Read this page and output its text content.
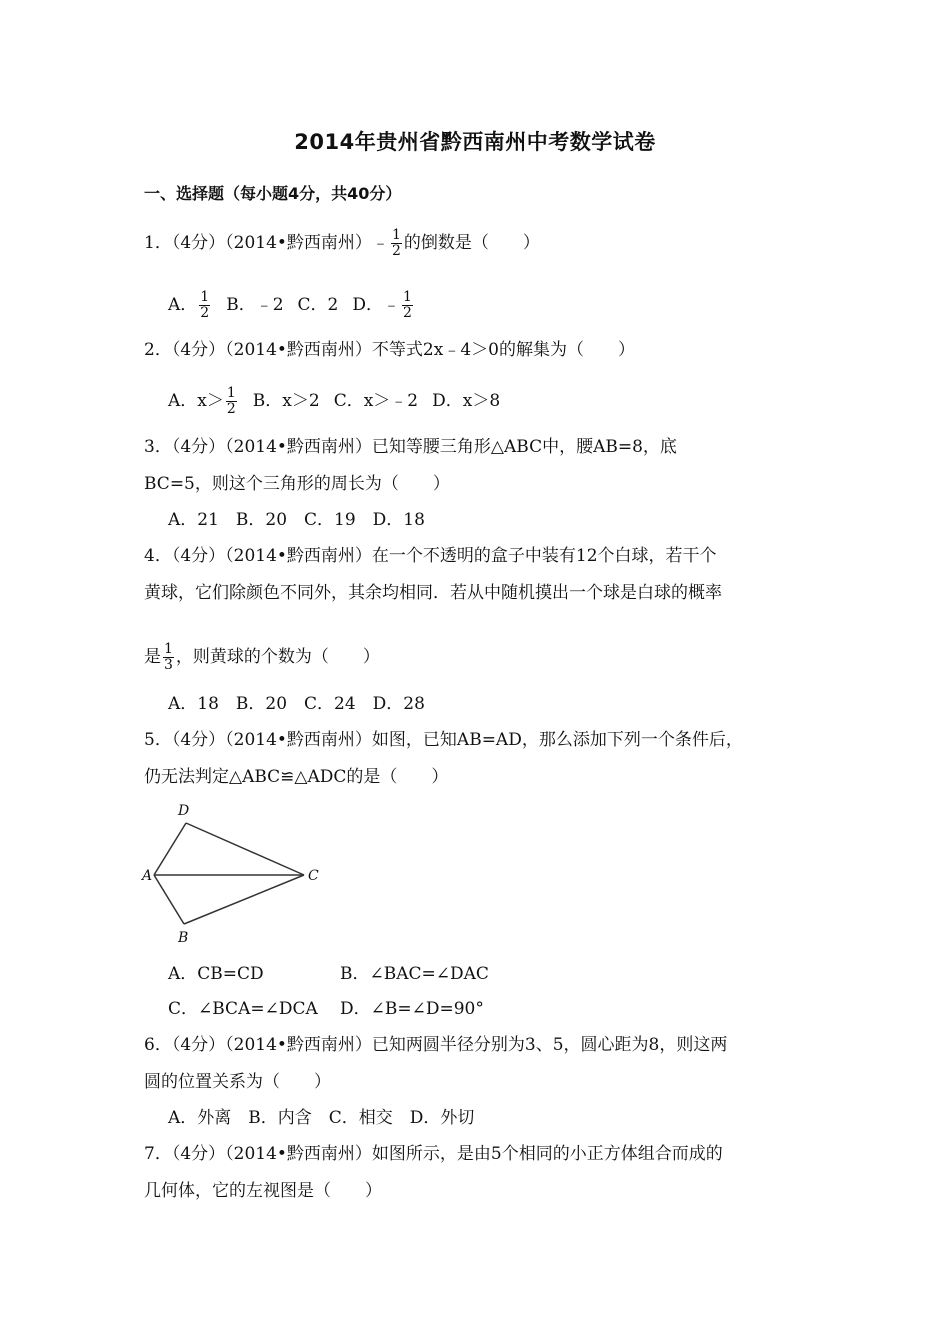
2014年贵州省黔西南州中考数学试卷
一、选择题（每小题4分，共40分）
1．（4分）（2014•黔西南州）﹣ $\frac{1}{2}$ 的倒数是（　　）
A． $\frac{1}{2}$ B．﹣2 C．2 D．﹣ $\frac{1}{2}$
2．（4分）（2014•黔西南州）不等式2x﹣4＞0的解集为（　　）
A．$x> \frac{1}{2}$ B．x＞2 C．x＞﹣2 D．x＞8
3．（4分）（2014•黔西南州）已知等腰三角形△ABC中，腰AB=8，底
BC=5，则这个三角形的周长为（　　）
A．21　B．20　C．19　D．18
4．（4分）（2014•黔西南州）在一个不透明的盒子中装有12个白球，若干个
黄球，它们除颜色不同外，其余均相同．若从中随机摸出一个球是白球的概率
是 $\frac{1}{3}$ ，则黄球的个数为（　　）
A．18　B．20　C．24　D．28
5．（4分）（2014•黔西南州）如图，已知AB=AD，那么添加下列一个条件后，
仍无法判定△ABC≌△ADC的是（　　）
D
A	C
B
A．CB=CD	B．∠BAC=∠DAC
C．∠BCA=∠DCA D．∠B=∠D=90°
6．（4分）（2014•黔西南州）已知两圆半径分别为3、5，圆心距为8，则这两
圆的位置关系为（　　）
A．外离　B．内含　C．相交　D．外切
7．（4分）（2014•黔西南州）如图所示，是由5个相同的小正方体组合而成的
几何体，它的左视图是（　　）
